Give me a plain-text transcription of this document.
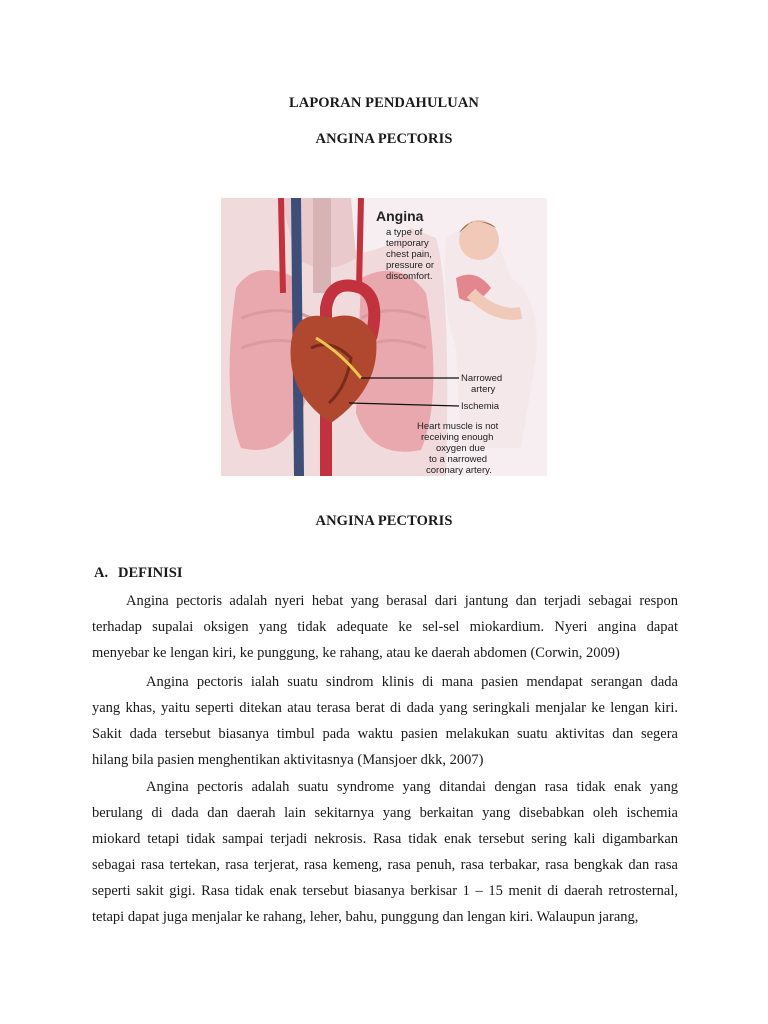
LAPORAN PENDAHULUAN
ANGINA PECTORIS
Angina
a type of
temporary
chest pain,
pressure or
discomfort.
Narrowed
artery
Ischemia
Heart muscle is not
receiving enough
oxygen due
to a narrowed
coronary artery.
ANGINA PECTORIS
A. DEFINISI
Angina pectoris adalah nyeri hebat yang berasal dari jantung dan terjadi sebagai respon
terhadap supalai oksigen yang tidak adequate ke sel-sel miokardium. Nyeri angina dapat
menyebar ke lengan kiri, ke punggung, ke rahang, atau ke daerah abdomen (Corwin, 2009)
Angina pectoris ialah suatu sindrom klinis di mana pasien mendapat serangan dada
yang khas, yaitu seperti ditekan atau terasa berat di dada yang seringkali menjalar ke lengan kiri.
Sakit dada tersebut biasanya timbul pada waktu pasien melakukan suatu aktivitas dan segera
hilang bila pasien menghentikan aktivitasnya (Mansjoer dkk, 2007)
Angina pectoris adalah suatu syndrome yang ditandai dengan rasa tidak enak yang
berulang di dada dan daerah lain sekitarnya yang berkaitan yang disebabkan oleh ischemia
miokard tetapi tidak sampai terjadi nekrosis. Rasa tidak enak tersebut sering kali digambarkan
sebagai rasa tertekan, rasa terjerat, rasa kemeng, rasa penuh, rasa terbakar, rasa bengkak dan rasa
seperti sakit gigi. Rasa tidak enak tersebut biasanya berkisar 1 – 15 menit di daerah retrosternal,
tetapi dapat juga menjalar ke rahang, leher, bahu, punggung dan lengan kiri. Walaupun jarang,
